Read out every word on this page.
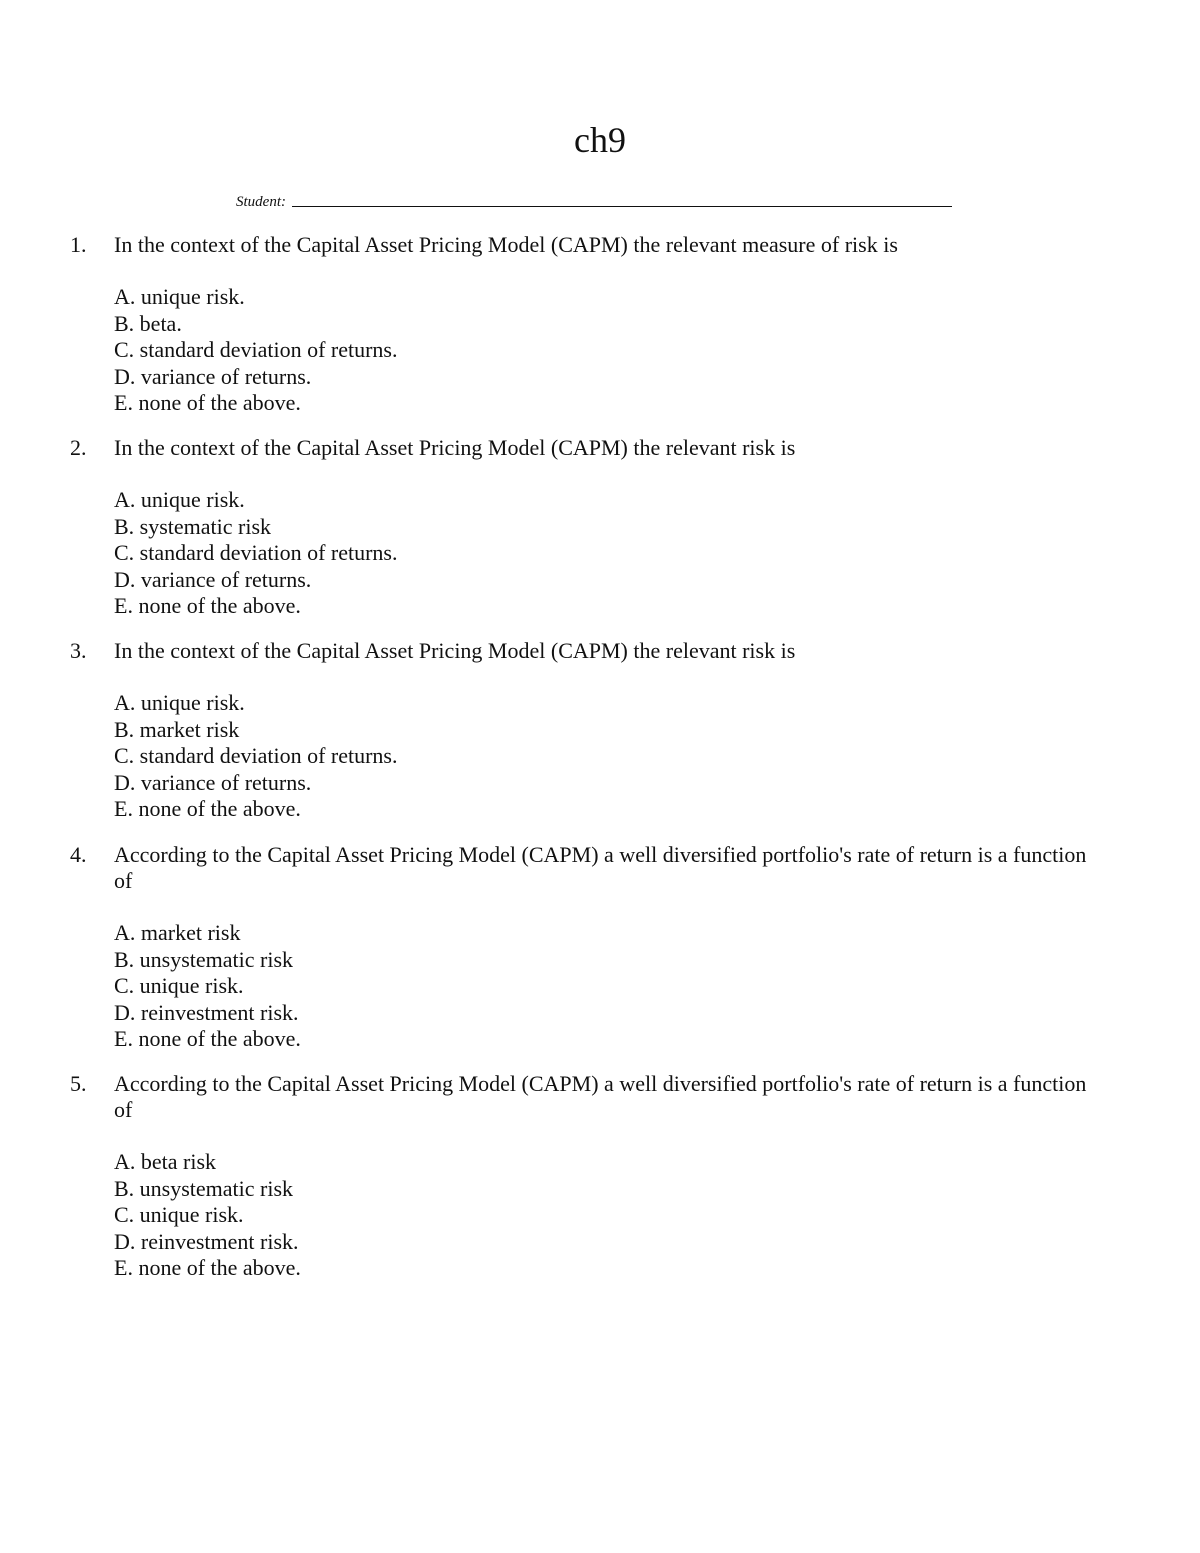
ch9
Student:
1.	In the context of the Capital Asset Pricing Model (CAPM) the relevant measure of risk is
A. unique risk.
B. beta.
C. standard deviation of returns.
D. variance of returns.
E. none of the above.
2.	In the context of the Capital Asset Pricing Model (CAPM) the relevant risk is
A. unique risk.
B. systematic risk
C. standard deviation of returns.
D. variance of returns.
E. none of the above.
3.	In the context of the Capital Asset Pricing Model (CAPM) the relevant risk is
A. unique risk.
B. market risk
C. standard deviation of returns.
D. variance of returns.
E. none of the above.
4.	According to the Capital Asset Pricing Model (CAPM) a well diversified portfolio's rate of return is a function of
A. market risk
B. unsystematic risk
C. unique risk.
D. reinvestment risk.
E. none of the above.
5.	According to the Capital Asset Pricing Model (CAPM) a well diversified portfolio's rate of return is a function of
A. beta risk
B. unsystematic risk
C. unique risk.
D. reinvestment risk.
E. none of the above.
